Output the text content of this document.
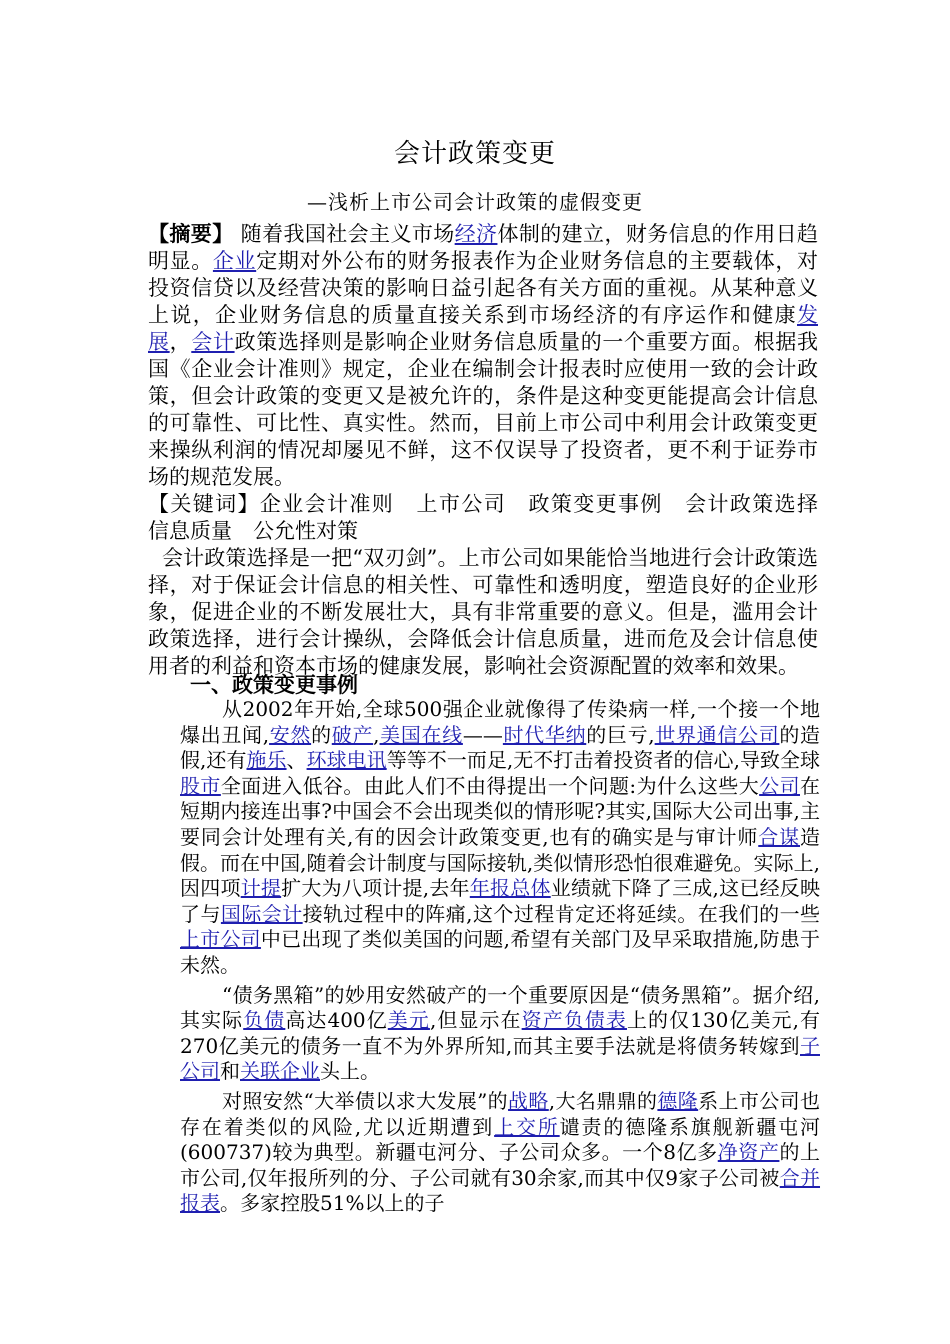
会计政策变更
—浅析上市公司会计政策的虚假变更

【摘要】 随着我国社会主义市场经济体制的建立，财务信息的作用日趋明显。企业定期对外公布的财务报表作为企业财务信息的主要载体，对投资信贷以及经营决策的影响日益引起各有关方面的重视。从某种意义上说，企业财务信息的质量直接关系到市场经济的有序运作和健康发展，会计政策选择则是影响企业财务信息质量的一个重要方面。根据我国《企业会计准则》规定，企业在编制会计报表时应使用一致的会计政策，但会计政策的变更又是被允许的，条件是这种变更能提高会计信息的可靠性、可比性、真实性。然而，目前上市公司中利用会计政策变更来操纵利润的情况却屡见不鲜，这不仅误导了投资者，更不利于证券市场的规范发展。

【关键词】企业会计准则　上市公司　政策变更事例　会计政策选择　信息质量　公允性对策

会计政策选择是一把“双刃剑”。上市公司如果能恰当地进行会计政策选择，对于保证会计信息的相关性、可靠性和透明度，塑造良好的企业形象，促进企业的不断发展壮大，具有非常重要的意义。但是，滥用会计政策选择，进行会计操纵，会降低会计信息质量，进而危及会计信息使用者的利益和资本市场的健康发展，影响社会资源配置的效率和效果。

一、政策变更事例

从2002年开始,全球500强企业就像得了传染病一样,一个接一个地爆出丑闻,安然的破产,美国在线——时代华纳的巨亏,世界通信公司的造假,还有施乐、环球电讯等等不一而足,无不打击着投资者的信心,导致全球股市全面进入低谷。由此人们不由得提出一个问题:为什么这些大公司在短期内接连出事?中国会不会出现类似的情形呢?其实,国际大公司出事,主要同会计处理有关,有的因会计政策变更,也有的确实是与审计师合谋造假。而在中国,随着会计制度与国际接轨,类似情形恐怕很难避免。实际上,因四项计提扩大为八项计提,去年年报总体业绩就下降了三成,这已经反映了与国际会计接轨过程中的阵痛,这个过程肯定还将延续。在我们的一些上市公司中已出现了类似美国的问题,希望有关部门及早采取措施,防患于未然。

“债务黑箱”的妙用安然破产的一个重要原因是“债务黑箱”。据介绍,其实际负债高达400亿美元,但显示在资产负债表上的仅130亿美元,有270亿美元的债务一直不为外界所知,而其主要手法就是将债务转嫁到子公司和关联企业头上。

对照安然“大举债以求大发展”的战略,大名鼎鼎的德隆系上市公司也存在着类似的风险,尤以近期遭到上交所谴责的德隆系旗舰新疆屯河(600737)较为典型。新疆屯河分、子公司众多。一个8亿多净资产的上市公司,仅年报所列的分、子公司就有30余家,而其中仅9家子公司被合并报表。多家控股51%以上的子
